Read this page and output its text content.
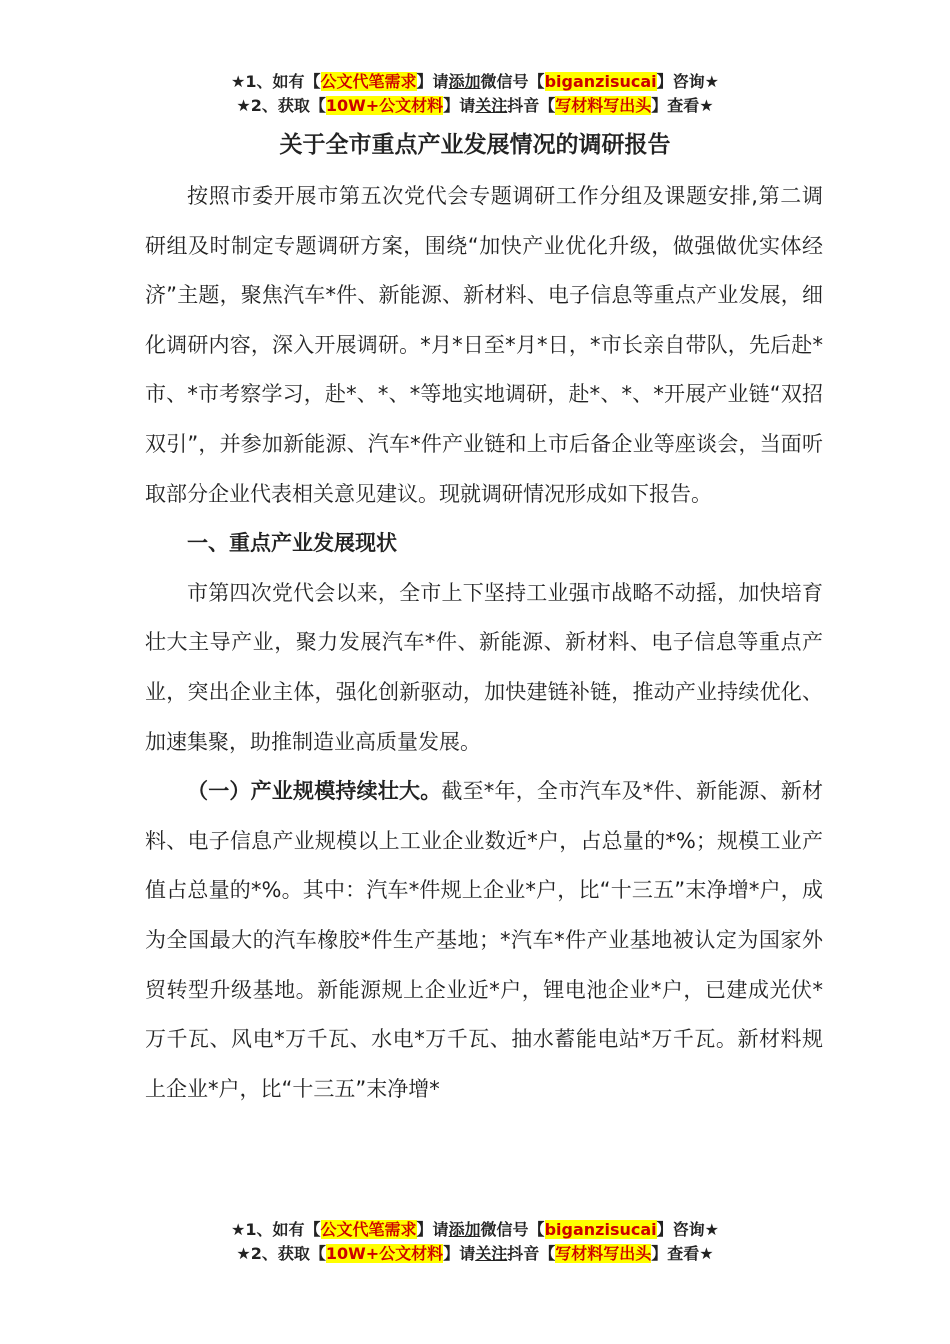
★1、如有【公文代笔需求】请添加微信号【biganzisucai】咨询★
★2、获取【10W+公文材料】请关注抖音【写材料写出头】查看★
关于全市重点产业发展情况的调研报告

按照市委开展市第五次党代会专题调研工作分组及课题安排,第二调研组及时制定专题调研方案，围绕“加快产业优化升级，做强做优实体经济”主题，聚焦汽车*件、新能源、新材料、电子信息等重点产业发展，细化调研内容，深入开展调研。*月*日至*月*日，*市长亲自带队，先后赴*市、*市考察学习，赴*、*、*等地实地调研，赴*、*、*开展产业链“双招双引”，并参加新能源、汽车*件产业链和上市后备企业等座谈会，当面听取部分企业代表相关意见建议。现就调研情况形成如下报告。

一、重点产业发展现状

市第四次党代会以来，全市上下坚持工业强市战略不动摇，加快培育壮大主导产业，聚力发展汽车*件、新能源、新材料、电子信息等重点产业，突出企业主体，强化创新驱动，加快建链补链，推动产业持续优化、加速集聚，助推制造业高质量发展。

（一）产业规模持续壮大。截至*年，全市汽车及*件、新能源、新材料、电子信息产业规模以上工业企业数近*户，占总量的*%；规模工业产值占总量的*%。其中：汽车*件规上企业*户，比“十三五”末净增*户，成为全国最大的汽车橡胶*件生产基地；*汽车*件产业基地被认定为国家外贸转型升级基地。新能源规上企业近*户，锂电池企业*户，已建成光伏*万千瓦、风电*万千瓦、水电*万千瓦、抽水蓄能电站*万千瓦。新材料规上企业*户，比“十三五”末净增*

★1、如有【公文代笔需求】请添加微信号【biganzisucai】咨询★
★2、获取【10W+公文材料】请关注抖音【写材料写出头】查看★
